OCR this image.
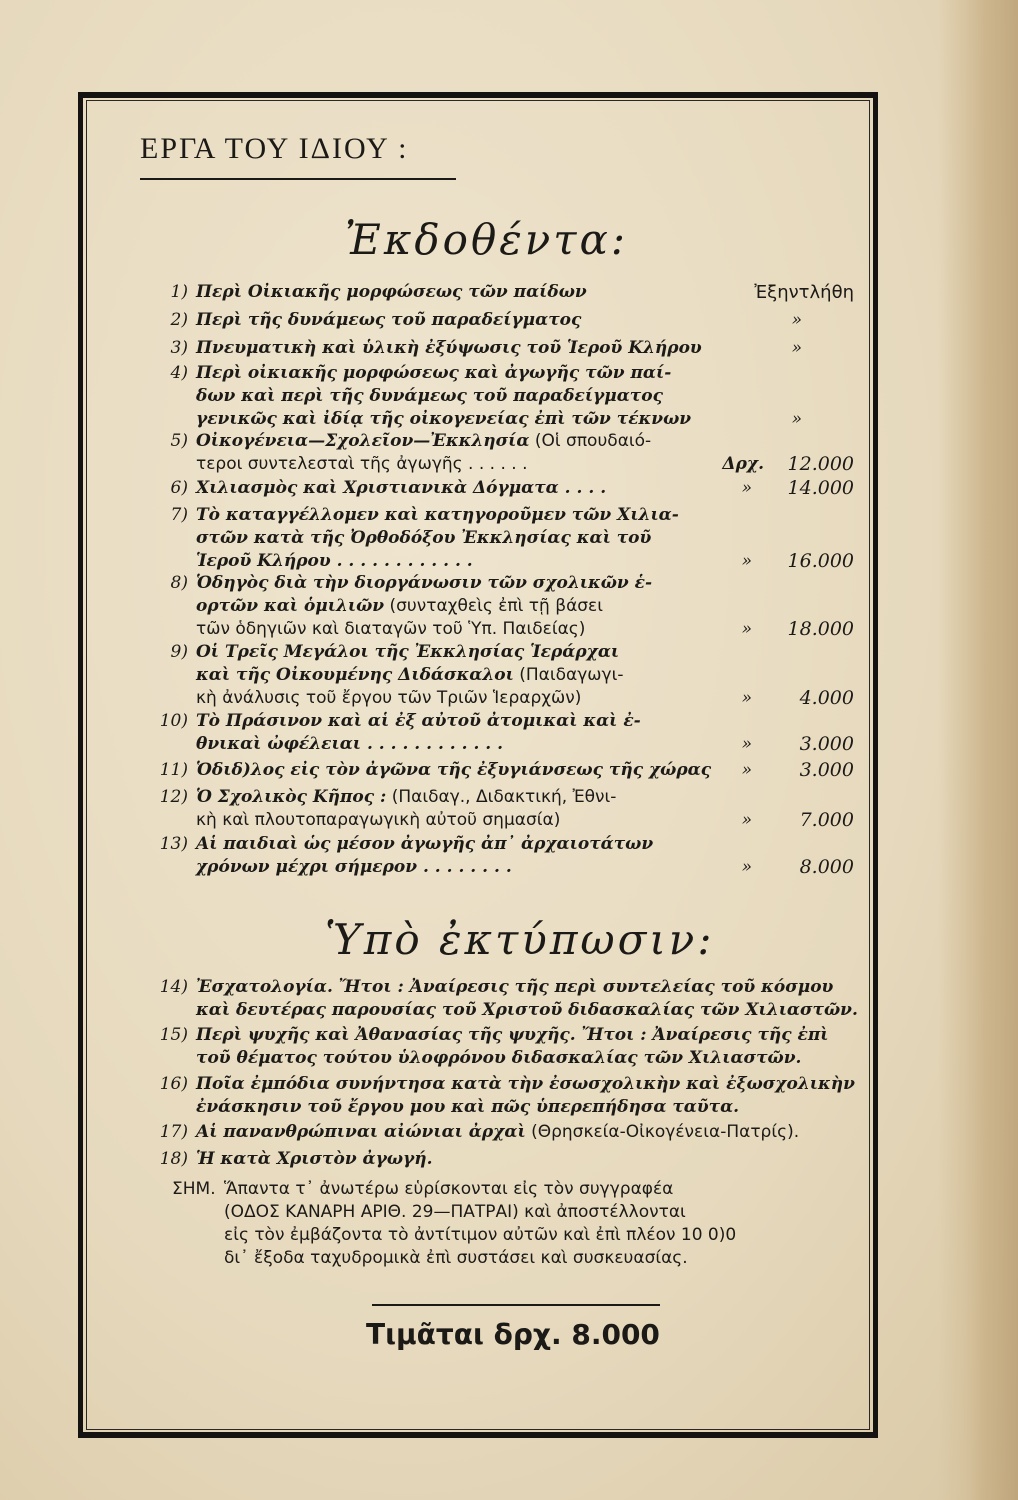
ΕΡΓΑ ΤΟΥ ΙΔΙΟΥ :
Ἐκδοθέντα:
1) Περὶ Οἰκιακῆς μορφώσεως τῶν παίδων	Ἐξηντλήθη
2) Περὶ τῆς δυνάμεως τοῦ παραδείγματος	»
3) Πνευματικὴ καὶ ὑλικὴ ἐξύψωσις τοῦ Ἱεροῦ Κλήρου	»
4) Περὶ οἰκιακῆς μορφώσεως καὶ ἀγωγῆς τῶν παί-
δων καὶ περὶ τῆς δυνάμεως τοῦ παραδείγματος
γενικῶς καὶ ἰδίᾳ τῆς οἰκογενείας ἐπὶ τῶν τέκνων	»
5) Οἰκογένεια—Σχολεῖον—Ἐκκλησία (Οἱ σπουδαιό-
τεροι συντελεσταὶ τῆς ἀγωγῆς . . . . . .	Δρχ. 12.000
6) Χιλιασμὸς καὶ Χριστιανικὰ Δόγματα . . . .	» 14.000
7) Τὸ καταγγέλλομεν καὶ κατηγοροῦμεν τῶν Χιλια-
στῶν κατὰ τῆς Ὀρθοδόξου Ἐκκλησίας καὶ τοῦ
Ἱεροῦ Κλήρου . . . . . . . . . . . .	» 16.000
8) Ὁδηγὸς διὰ τὴν διοργάνωσιν τῶν σχολικῶν ἑ-
ορτῶν καὶ ὁμιλιῶν (συνταχθεὶς ἐπὶ τῇ βάσει
τῶν ὁδηγιῶν καὶ διαταγῶν τοῦ Ὑπ. Παιδείας)	» 18.000
9) Οἱ Τρεῖς Μεγάλοι τῆς Ἐκκλησίας Ἱεράρχαι
καὶ τῆς Οἰκουμένης Διδάσκαλοι (Παιδαγωγι-
κὴ ἀνάλυσις τοῦ ἔργου τῶν Τριῶν Ἱεραρχῶν)	»	4.000
10) Τὸ Πράσινον καὶ αἱ ἐξ αὐτοῦ ἀτομικαὶ καὶ ἐ-
θνικαὶ ὠφέλειαι . . . . . . . . . . . .	»	3.000
11) Ὁδιδ)λος εἰς τὸν ἀγῶνα τῆς ἐξυγιάνσεως τῆς χώρας »	3.000
12) Ὁ Σχολικὸς Κῆπος : (Παιδαγ., Διδακτική, Ἐθνι-
κὴ καὶ πλουτοπαραγωγικὴ αὐτοῦ σημασία)	»	7.000
13) Αἱ παιδιαὶ ὡς μέσον ἀγωγῆς ἀπ᾽ ἀρχαιοτάτων
χρόνων μέχρι σήμερον . . . . . . . .	»	8.000
Ὑπὸ ἐκτύπωσιν:
14) Ἐσχατολογία. Ἤτοι : Ἀναίρεσις τῆς περὶ συντελείας τοῦ κόσμου
καὶ δευτέρας παρουσίας τοῦ Χριστοῦ διδασκαλίας τῶν Χιλιαστῶν.
15) Περὶ ψυχῆς καὶ Ἀθανασίας τῆς ψυχῆς. Ἤτοι : Ἀναίρεσις τῆς ἐπὶ
τοῦ θέματος τούτου ὑλοφρόνου διδασκαλίας τῶν Χιλιαστῶν.
16) Ποῖα ἐμπόδια συνήντησα κατὰ τὴν ἐσωσχολικὴν καὶ ἐξωσχολικὴν
ἐνάσκησιν τοῦ ἔργου μου καὶ πῶς ὑπερεπήδησα ταῦτα.
17) Αἱ πανανθρώπιναι αἰώνιαι ἀρχαὶ (Θρησκεία-Οἰκογένεια-Πατρίς).
18) Ἡ κατὰ Χριστὸν ἀγωγή.
ΣΗΜ. Ἅπαντα τ᾽ ἀνωτέρω εὑρίσκονται εἰς τὸν συγγραφέα
(ΟΔΟΣ ΚΑΝΑΡΗ ΑΡΙΘ. 29—ΠΑΤΡΑΙ) καὶ ἀποστέλλονται
εἰς τὸν ἐμβάζοντα τὸ ἀντίτιμον αὐτῶν καὶ ἐπὶ πλέον 10 0)0
δι᾽ ἔξοδα ταχυδρομικὰ ἐπὶ συστάσει καὶ συσκευασίας.
Τιμᾶται δρχ. 8.000
